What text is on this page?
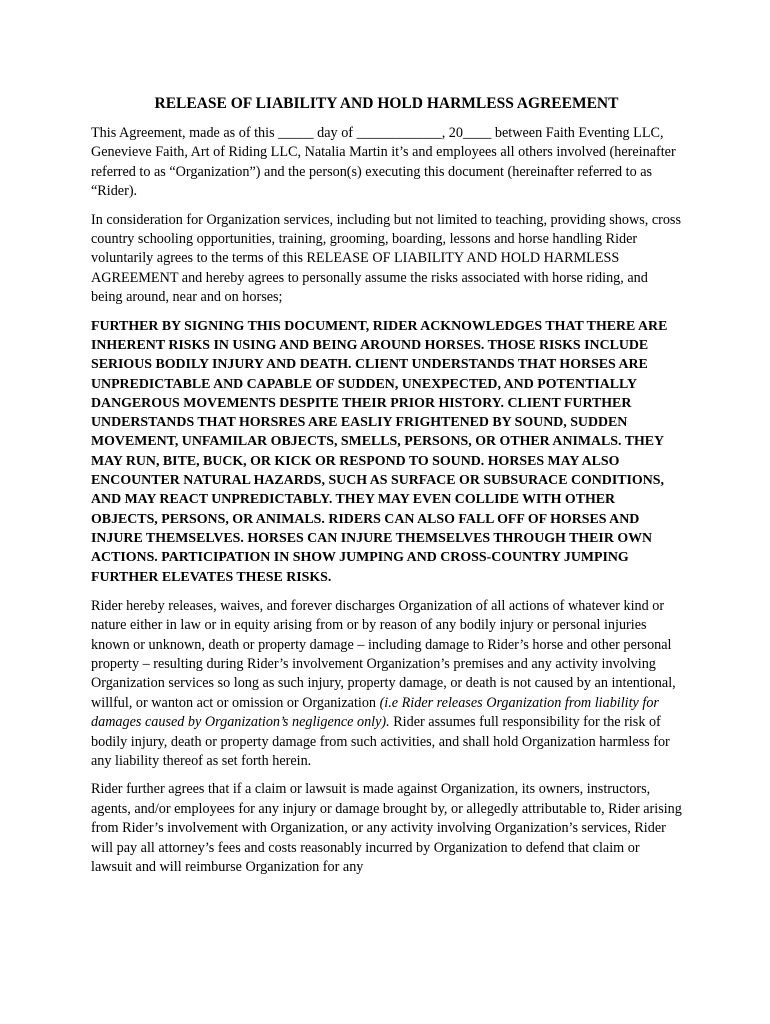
RELEASE OF LIABILITY AND HOLD HARMLESS AGREEMENT

This Agreement, made as of this _____ day of ____________, 20____ between Faith Eventing LLC, Genevieve Faith, Art of Riding LLC, Natalia Martin it’s and employees all others involved (hereinafter referred to as “Organization”) and the person(s) executing this document (hereinafter referred to as “Rider).

In consideration for Organization services, including but not limited to teaching, providing shows, cross country schooling opportunities, training, grooming, boarding, lessons and horse handling Rider voluntarily agrees to the terms of this RELEASE OF LIABILITY AND HOLD HARMLESS AGREEMENT and hereby agrees to personally assume the risks associated with horse riding, and being around, near and on horses;

FURTHER BY SIGNING THIS DOCUMENT, RIDER ACKNOWLEDGES THAT THERE ARE INHERENT RISKS IN USING AND BEING AROUND HORSES. THOSE RISKS INCLUDE SERIOUS BODILY INJURY AND DEATH. CLIENT UNDERSTANDS THAT HORSES ARE UNPREDICTABLE AND CAPABLE OF SUDDEN, UNEXPECTED, AND POTENTIALLY DANGEROUS MOVEMENTS DESPITE THEIR PRIOR HISTORY. CLIENT FURTHER UNDERSTANDS THAT HORSRES ARE EASLIY FRIGHTENED BY SOUND, SUDDEN MOVEMENT, UNFAMILAR OBJECTS, SMELLS, PERSONS, OR OTHER ANIMALS. THEY MAY RUN, BITE, BUCK, OR KICK OR RESPOND TO SOUND. HORSES MAY ALSO ENCOUNTER NATURAL HAZARDS, SUCH AS SURFACE OR SUBSURACE CONDITIONS, AND MAY REACT UNPREDICTABLY. THEY MAY EVEN COLLIDE WITH OTHER OBJECTS, PERSONS, OR ANIMALS. RIDERS CAN ALSO FALL OFF OF HORSES AND INJURE THEMSELVES. HORSES CAN INJURE THEMSELVES THROUGH THEIR OWN ACTIONS. PARTICIPATION IN SHOW JUMPING AND CROSS-COUNTRY JUMPING FURTHER ELEVATES THESE RISKS.

Rider hereby releases, waives, and forever discharges Organization of all actions of whatever kind or nature either in law or in equity arising from or by reason of any bodily injury or personal injuries known or unknown, death or property damage – including damage to Rider’s horse and other personal property – resulting during Rider’s involvement Organization’s premises and any activity involving Organization services so long as such injury, property damage, or death is not caused by an intentional, willful, or wanton act or omission or Organization (i.e Rider releases Organization from liability for damages caused by Organization’s negligence only). Rider assumes full responsibility for the risk of bodily injury, death or property damage from such activities, and shall hold Organization harmless for any liability thereof as set forth herein.

Rider further agrees that if a claim or lawsuit is made against Organization, its owners, instructors, agents, and/or employees for any injury or damage brought by, or allegedly attributable to, Rider arising from Rider’s involvement with Organization, or any activity involving Organization’s services, Rider will pay all attorney’s fees and costs reasonably incurred by Organization to defend that claim or lawsuit and will reimburse Organization for any
